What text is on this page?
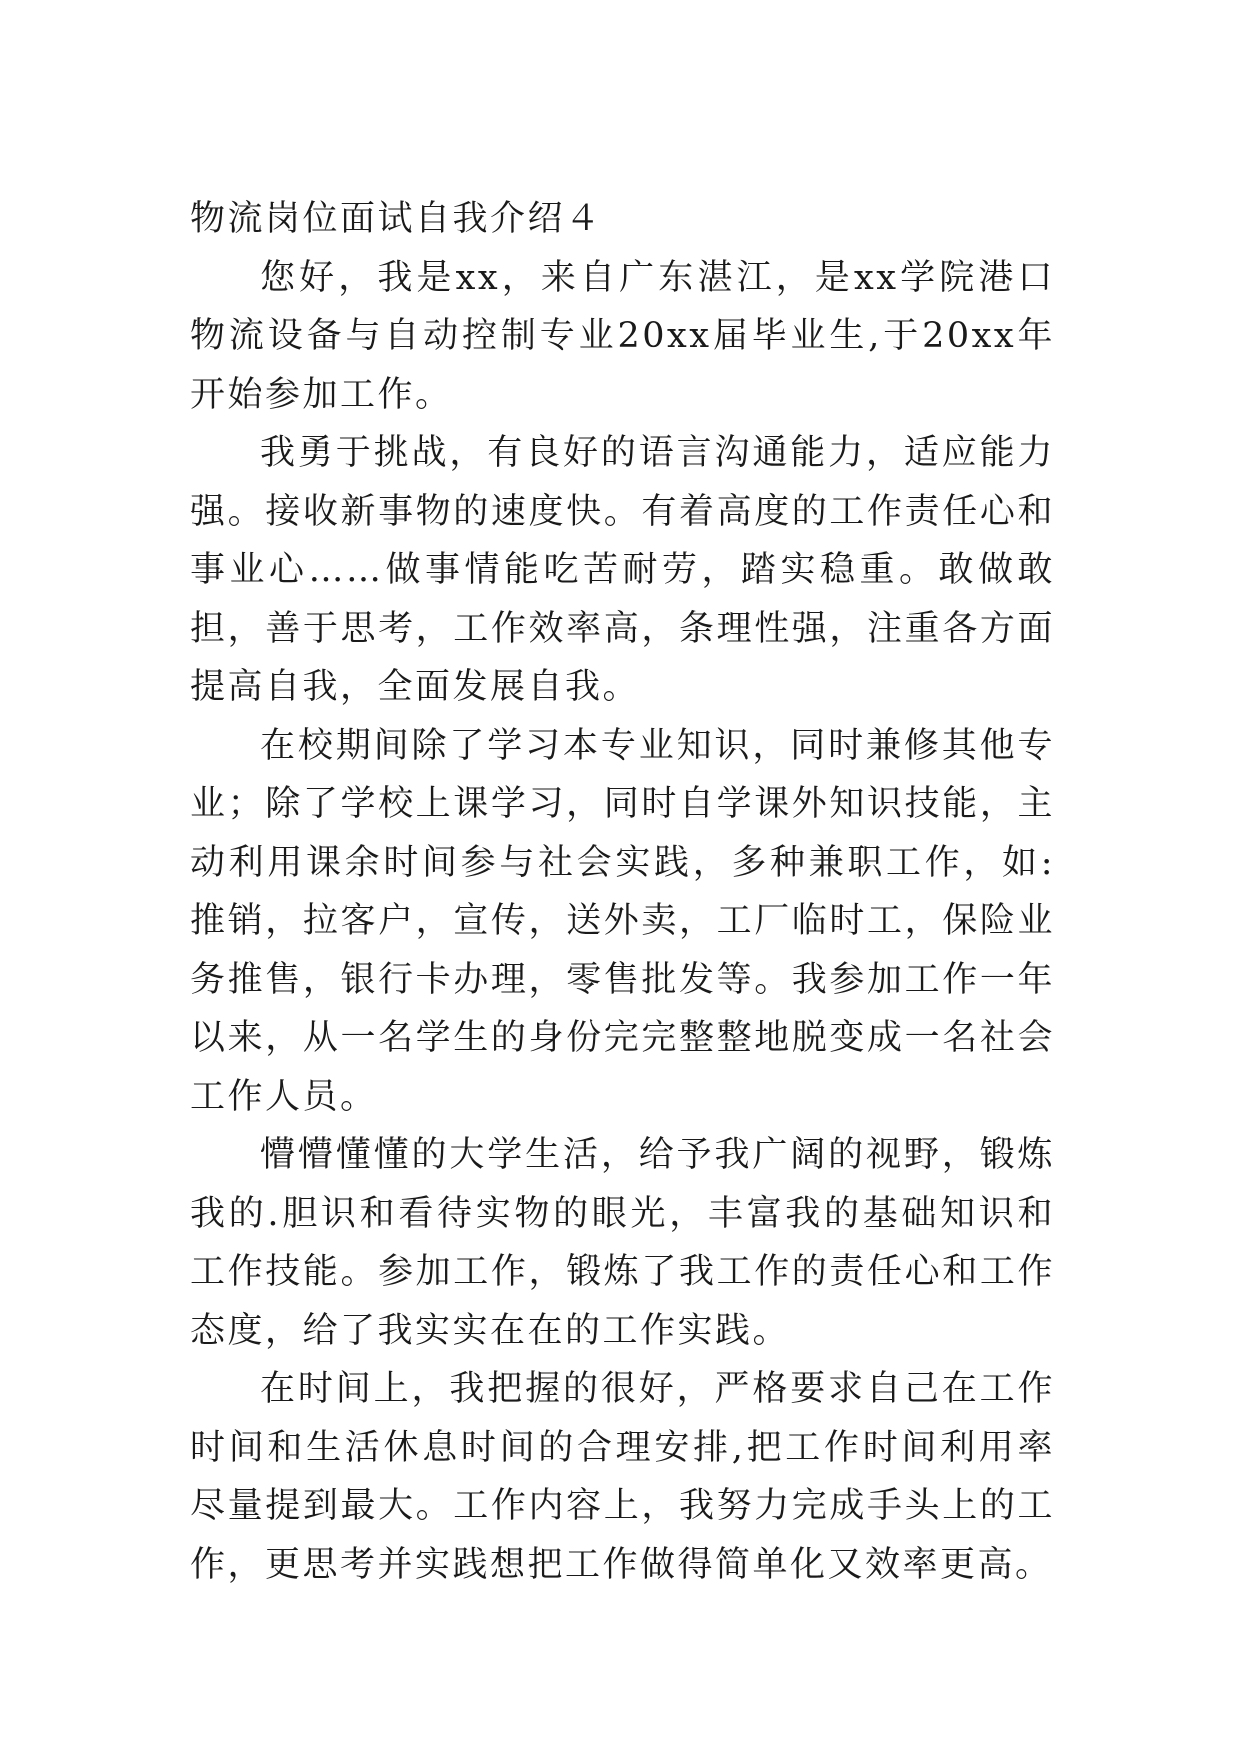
物流岗位面试自我介绍４

您好，我是xx，来自广东湛江，是xx学院港口物流设备与自动控制专业20xx届毕业生,于20xx年开始参加工作。

我勇于挑战，有良好的语言沟通能力，适应能力强。接收新事物的速度快。有着高度的工作责任心和事业心……做事情能吃苦耐劳，踏实稳重。敢做敢担，善于思考，工作效率高，条理性强，注重各方面提高自我，全面发展自我。

在校期间除了学习本专业知识，同时兼修其他专业；除了学校上课学习，同时自学课外知识技能，主动利用课余时间参与社会实践，多种兼职工作，如:推销，拉客户，宣传，送外卖，工厂临时工，保险业务推售，银行卡办理，零售批发等。我参加工作一年以来，从一名学生的身份完完整整地脱变成一名社会工作人员。

懵懵懂懂的大学生活，给予我广阔的视野，锻炼我的.胆识和看待实物的眼光，丰富我的基础知识和工作技能。参加工作，锻炼了我工作的责任心和工作态度，给了我实实在在的工作实践。

在时间上，我把握的很好，严格要求自己在工作时间和生活休息时间的合理安排,把工作时间利用率尽量提到最大。工作内容上，我努力完成手头上的工作，更思考并实践想把工作做得简单化又效率更高。
